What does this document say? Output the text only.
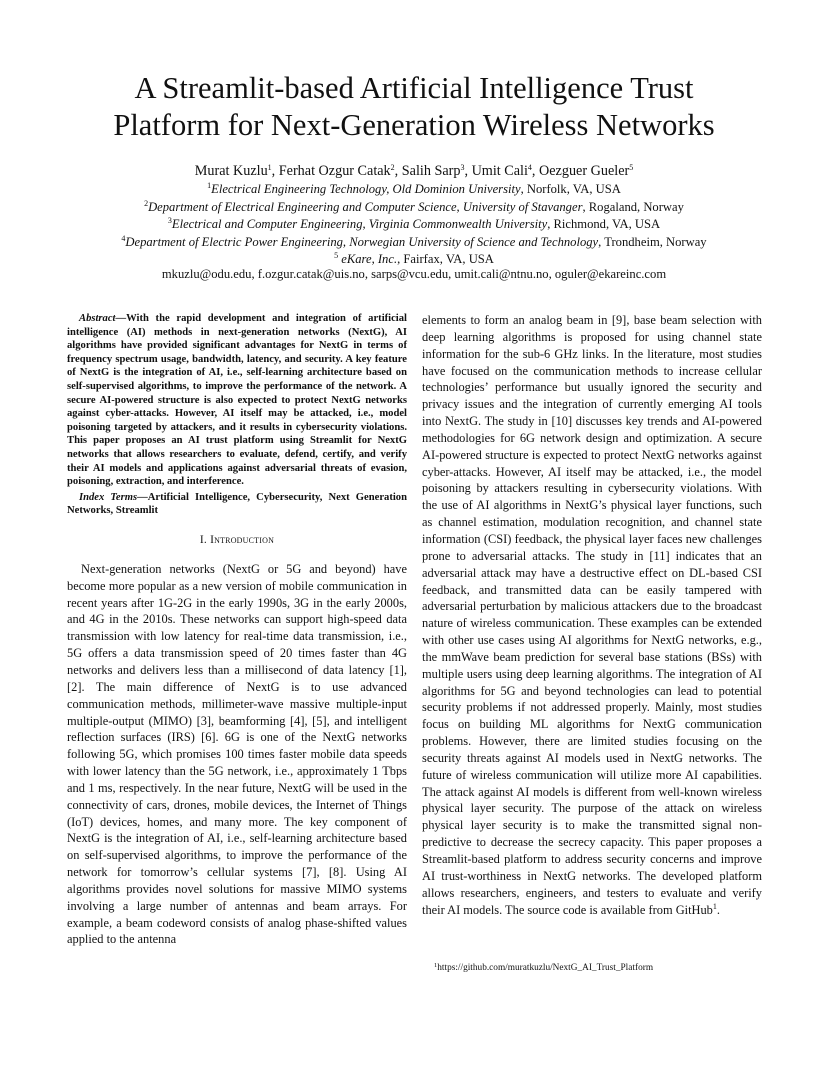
A Streamlit-based Artificial Intelligence Trust
Platform for Next-Generation Wireless Networks
Murat Kuzlu$^1$, Ferhat Ozgur Catak$^2$, Salih Sarp$^3$, Umit Cali$^4$, Oezguer Gueler$^5$
$^1$Electrical Engineering Technology, Old Dominion University, Norfolk, VA, USA
$^2$Department of Electrical Engineering and Computer Science, University of Stavanger, Rogaland, Norway
$^3$Electrical and Computer Engineering, Virginia Commonwealth University, Richmond, VA, USA
$^4$Department of Electric Power Engineering, Norwegian University of Science and Technology, Trondheim, Norway
$^5$ eKare, Inc., Fairfax, VA, USA
mkuzlu@odu.edu, f.ozgur.catak@uis.no, sarps@vcu.edu, umit.cali@ntnu.no, oguler@ekareinc.com

Abstract—With the rapid development and integration of artificial intelligence (AI) methods in next-generation networks (NextG), AI algorithms have provided significant advantages for NextG in terms of frequency spectrum usage, bandwidth, latency, and security. A key feature of NextG is the integration of AI, i.e., self-learning architecture based on self-supervised algorithms, to improve the performance of the network. A secure AI-powered structure is also expected to protect NextG networks against cyber-attacks. However, AI itself may be attacked, i.e., model poisoning targeted by attackers, and it results in cybersecurity violations. This paper proposes an AI trust platform using Streamlit for NextG networks that allows researchers to evaluate, defend, certify, and verify their AI models and applications against adversarial threats of evasion, poisoning, extraction, and interference.

Index Terms—Artificial Intelligence, Cybersecurity, Next Generation Networks, Streamlit

I. Introduction

Next-generation networks (NextG or 5G and beyond) have become more popular as a new version of mobile communication in recent years after 1G-2G in the early 1990s, 3G in the early 2000s, and 4G in the 2010s. These networks can support high-speed data transmission with low latency for real-time data transmission, i.e., 5G offers a data transmission speed of 20 times faster than 4G networks and delivers less than a millisecond of data latency [1], [2]. The main difference of NextG is to use advanced communication methods, millimeter-wave massive multiple-input multiple-output (MIMO) [3], beamforming [4], [5], and intelligent reflection surfaces (IRS) [6]. 6G is one of the NextG networks following 5G, which promises 100 times faster mobile data speeds with lower latency than the 5G network, i.e., approximately 1 Tbps and 1 ms, respectively. In the near future, NextG will be used in the connectivity of cars, drones, mobile devices, the Internet of Things (IoT) devices, homes, and many more. The key component of NextG is the integration of AI, i.e., self-learning architecture based on self-supervised algorithms, to improve the performance of the network for tomorrow’s cellular systems [7], [8]. Using AI algorithms provides novel solutions for massive MIMO systems involving a large number of antennas and beam arrays. For example, a beam codeword consists of analog phase-shifted values applied to the antenna

elements to form an analog beam in [9], base beam selection with deep learning algorithms is proposed for using channel state information for the sub-6 GHz links. In the literature, most studies have focused on the communication methods to increase cellular technologies’ performance but usually ignored the security and privacy issues and the integration of currently emerging AI tools into NextG. The study in [10] discusses key trends and AI-powered methodologies for 6G network design and optimization. A secure AI-powered structure is expected to protect NextG networks against cyber-attacks. However, AI itself may be attacked, i.e., the model poisoning by attackers resulting in cybersecurity violations. With the use of AI algorithms in NextG’s physical layer functions, such as channel estimation, modulation recognition, and channel state information (CSI) feedback, the physical layer faces new challenges prone to adversarial attacks. The study in [11] indicates that an adversarial attack may have a destructive effect on DL-based CSI feedback, and transmitted data can be easily tampered with adversarial perturbation by malicious attackers due to the broadcast nature of wireless communication. These examples can be extended with other use cases using AI algorithms for NextG networks, e.g., the mmWave beam prediction for several base stations (BSs) with multiple users using deep learning algorithms. The integration of AI algorithms for 5G and beyond technologies can lead to potential security problems if not addressed properly. Mainly, most studies focus on building ML algorithms for NextG communication problems. However, there are limited studies focusing on the security threats against AI models used in NextG networks. The future of wireless communication will utilize more AI capabilities. The attack against AI models is different from well-known wireless physical layer security. The purpose of the attack on wireless physical layer security is to make the transmitted signal non-predictive to decrease the secrecy capacity. This paper proposes a Streamlit-based platform to address security concerns and improve AI trust-worthiness in NextG networks. The developed platform allows researchers, engineers, and testers to evaluate and verify their AI models. The source code is available from GitHub$^1$.

$^1$https://github.com/muratkuzlu/NextG_AI_Trust_Platform
